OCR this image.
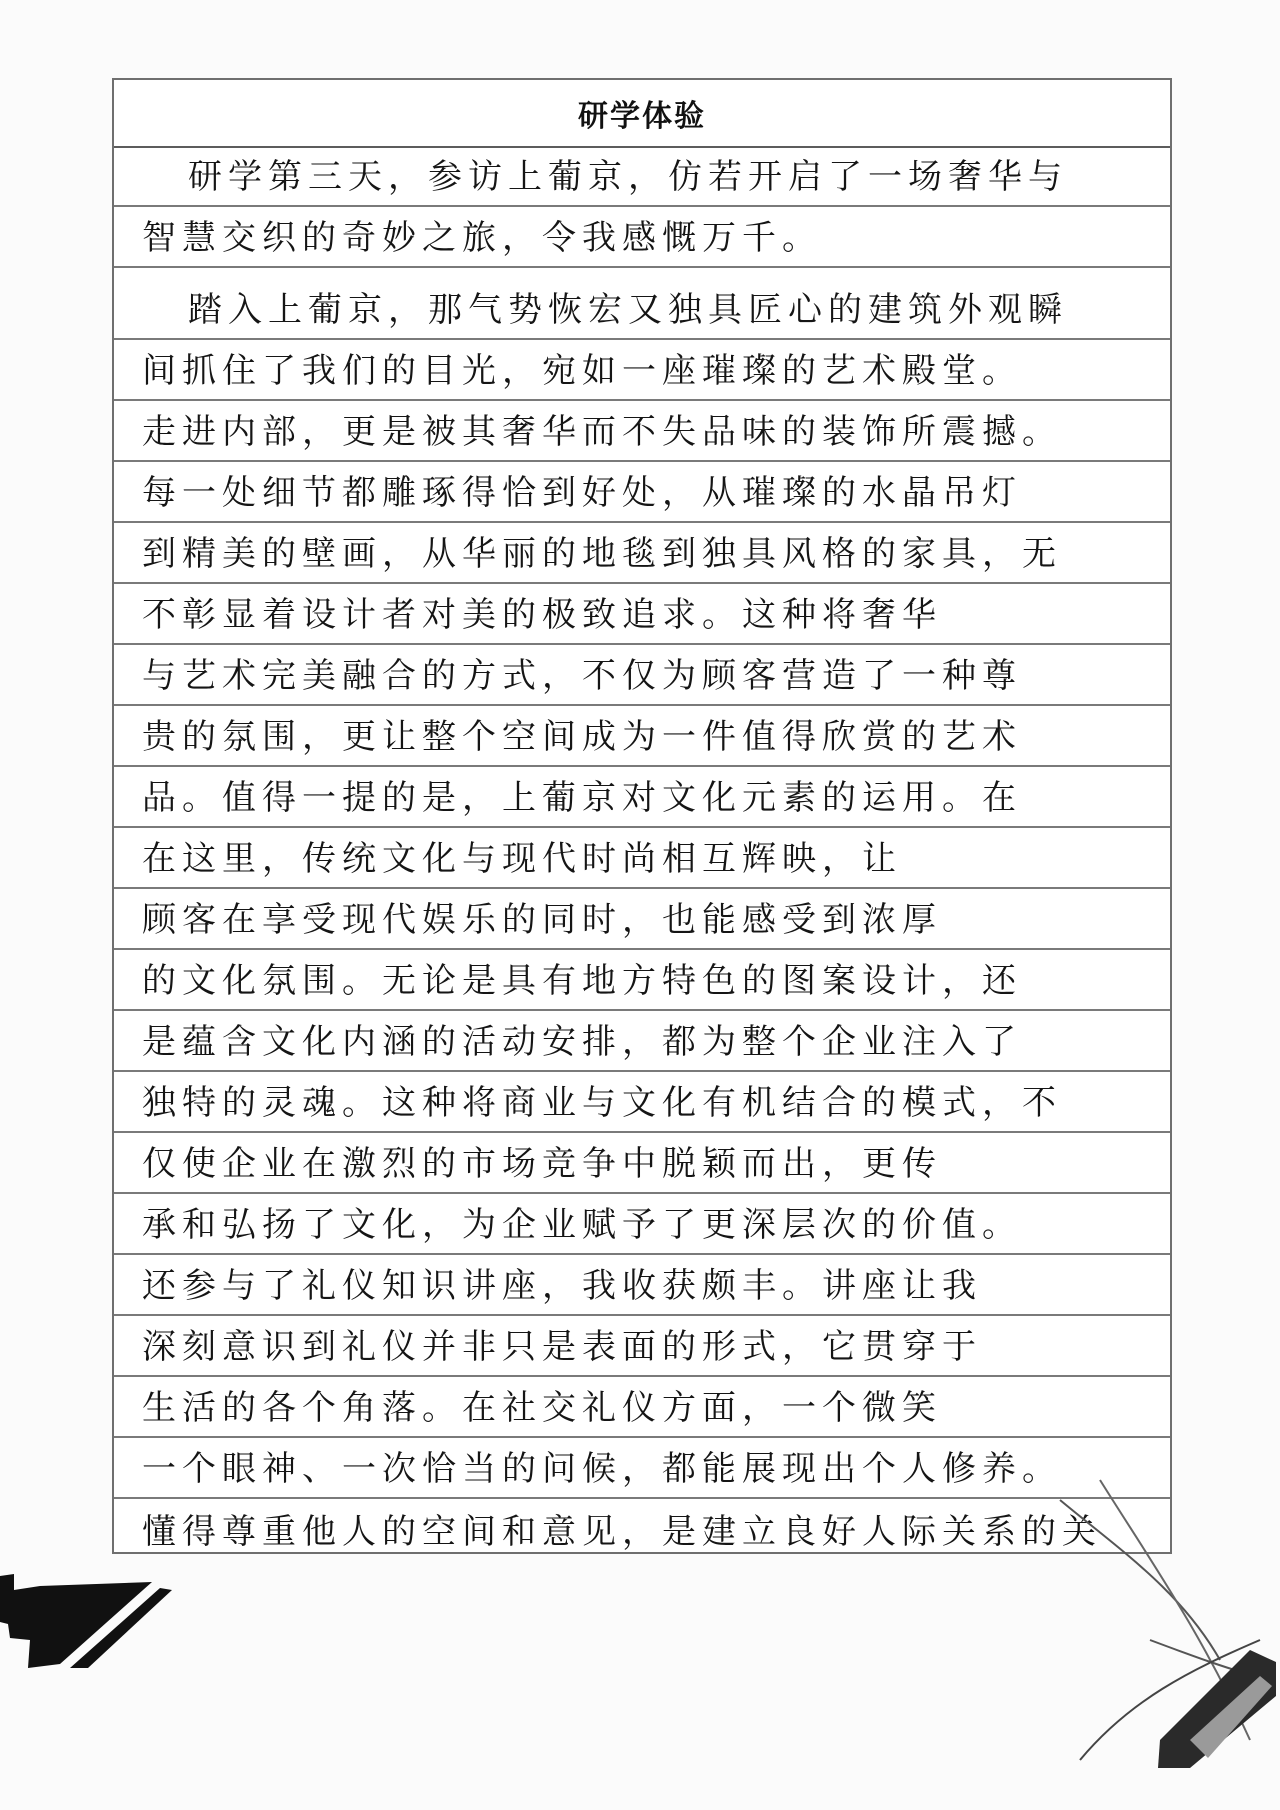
研学体验
研学第三天，参访上葡京，仿若开启了一场奢华与
智慧交织的奇妙之旅，令我感慨万千。
踏入上葡京，那气势恢宏又独具匠心的建筑外观瞬
间抓住了我们的目光，宛如一座璀璨的艺术殿堂。
走进内部，更是被其奢华而不失品味的装饰所震撼。
每一处细节都雕琢得恰到好处，从璀璨的水晶吊灯
到精美的壁画，从华丽的地毯到独具风格的家具，无
不彰显着设计者对美的极致追求。这种将奢华
与艺术完美融合的方式，不仅为顾客营造了一种尊
贵的氛围，更让整个空间成为一件值得欣赏的艺术
品。值得一提的是，上葡京对文化元素的运用。在
在这里，传统文化与现代时尚相互辉映，让
顾客在享受现代娱乐的同时，也能感受到浓厚
的文化氛围。无论是具有地方特色的图案设计，还
是蕴含文化内涵的活动安排，都为整个企业注入了
独特的灵魂。这种将商业与文化有机结合的模式，不
仅使企业在激烈的市场竞争中脱颖而出，更传
承和弘扬了文化，为企业赋予了更深层次的价值。
还参与了礼仪知识讲座，我收获颇丰。讲座让我
深刻意识到礼仪并非只是表面的形式，它贯穿于
生活的各个角落。在社交礼仪方面，一个微笑
一个眼神、一次恰当的问候，都能展现出个人修养。
懂得尊重他人的空间和意见，是建立良好人际关系的关
